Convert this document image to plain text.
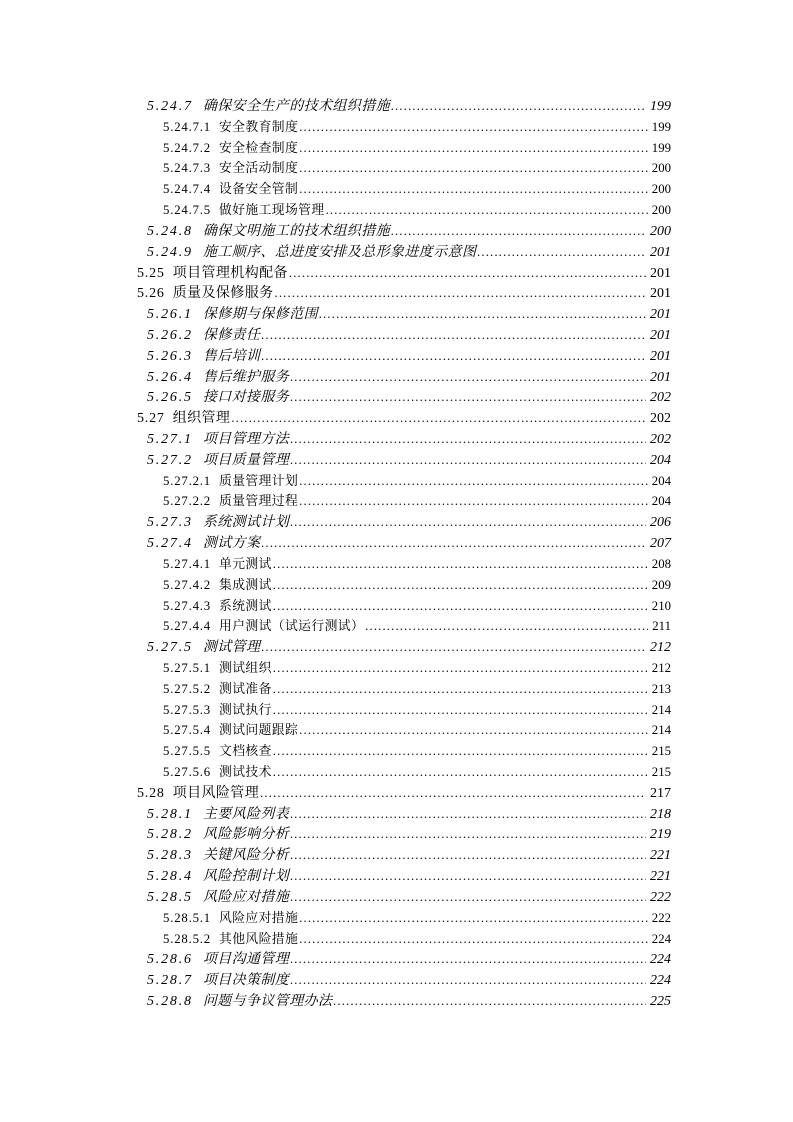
5.24.7 确保安全生产的技术组织措施 .....	199
5.24.7.1 安全教育制度 .....	199
5.24.7.2 安全检查制度 .....	199
5.24.7.3 安全活动制度 .....	200
5.24.7.4 设备安全管制 .....	200
5.24.7.5 做好施工现场管理 .....	200
5.24.8 确保文明施工的技术组织措施 .....	200
5.24.9 施工顺序、总进度安排及总形象进度示意图 .....	201
5.25 项目管理机构配备 .....	201
5.26 质量及保修服务 .....	201
5.26.1 保修期与保修范围 .....	201
5.26.2 保修责任 .....	201
5.26.3 售后培训 .....	201
5.26.4 售后维护服务 .....	201
5.26.5 接口对接服务 .....	202
5.27 组织管理 .....	202
5.27.1 项目管理方法 .....	202
5.27.2 项目质量管理 .....	204
5.27.2.1 质量管理计划 .....	204
5.27.2.2 质量管理过程 .....	204
5.27.3 系统测试计划 .....	206
5.27.4 测试方案 .....	207
5.27.4.1 单元测试 .....	208
5.27.4.2 集成测试 .....	209
5.27.4.3 系统测试 .....	210
5.27.4.4 用户测试（试运行测试） .....	211
5.27.5 测试管理 .....	212
5.27.5.1 测试组织 .....	212
5.27.5.2 测试准备 .....	213
5.27.5.3 测试执行 .....	214
5.27.5.4 测试问题跟踪 .....	214
5.27.5.5 文档核查 .....	215
5.27.5.6 测试技术 .....	215
5.28 项目风险管理 .....	217
5.28.1 主要风险列表 .....	218
5.28.2 风险影响分析 .....	219
5.28.3 关键风险分析 .....	221
5.28.4 风险控制计划 .....	221
5.28.5 风险应对措施 .....	222
5.28.5.1 风险应对措施 .....	222
5.28.5.2 其他风险措施 .....	224
5.28.6 项目沟通管理 .....	224
5.28.7 项目决策制度 .....	224
5.28.8 问题与争议管理办法 .....	225
